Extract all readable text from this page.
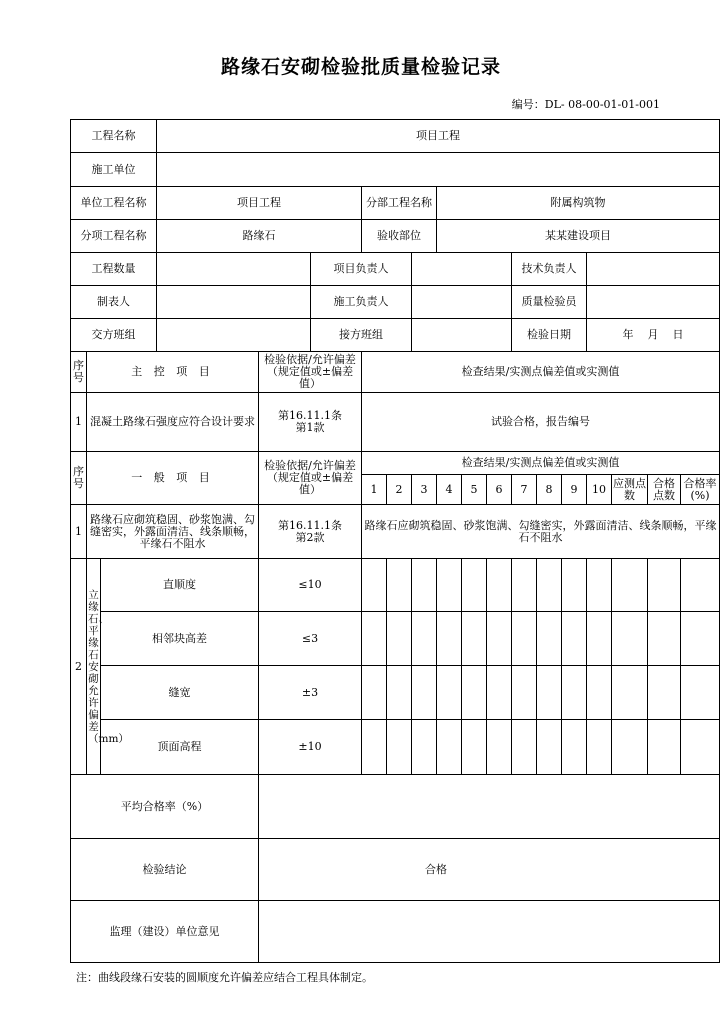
路缘石安砌检验批质量检验记录
编号：DL- 08-00-01-01-001
工程名称			项目工程															
施工单位																		
单位工程名称			项目工程			分部工程名称			附属构筑物									
分项工程名称			路缘石			验收部位			某某建设项目									
工程数量					项目负责人							技术负责人						
制表人					施工负责人							质量检验员						
交方班组					接方班组							检验日期			年    月    日			
序号	主 控 项 目			检验依据/允许偏差（规定值或±偏差值）		检查结果/实测点偏差值或实测值												
1	混凝土路缘石强度应符合设计要求			第16.11.1条
第1款		试验合格，报告编号												
序号	一 般 项 目			检验依据/允许偏差（规定值或±偏差值）		检查结果/实测点偏差值或实测值												
						1	2	3	4	5	6	7	8	9	10	应测点数	合格点数	合格率(%)
1	路缘石应砌筑稳固、砂浆饱满、勾缝密实，外露面清洁、线条顺畅，平缘石不阻水			第16.11.1条
第2款		路缘石应砌筑稳固、砂浆饱满、勾缝密实，外露面清洁、线条顺畅，平缘石不阻水												
2	立缘石、平缘石安砌允许偏差（mm）	直顺度		≤10														
		相邻块高差		≤3														
		缝宽		±3														
		顶面高程		±10														
平均合格率（%）																		
检验结论				合格														
监理（建设）单位意见																		
注：曲线段缘石安装的圆顺度允许偏差应结合工程具体制定。
